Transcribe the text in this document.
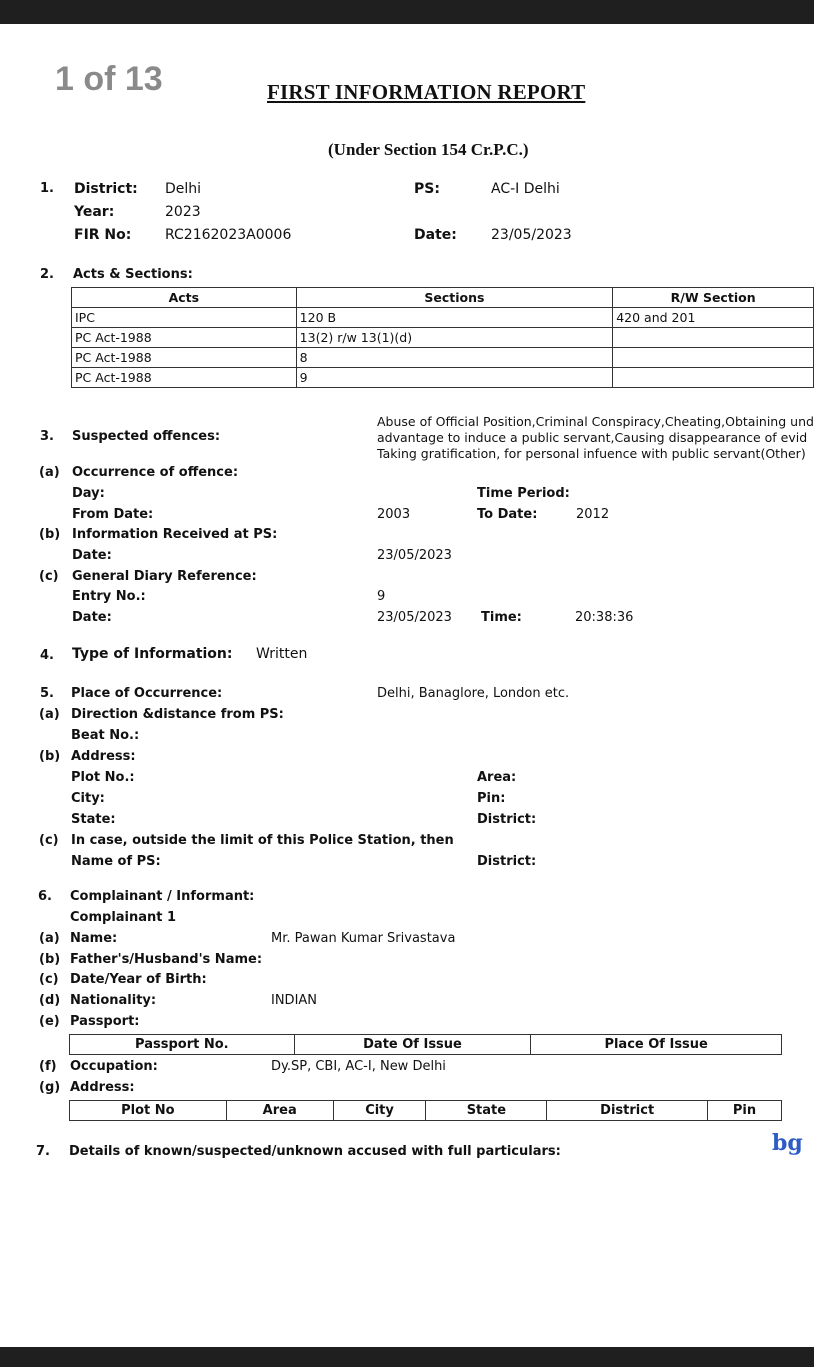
1 of 13	FIRST INFORMATION REPORT
(Under Section 154 Cr.P.C.)
1. District: Delhi	PS:	AC-I Delhi
Year:	2023
FIR No: RC2162023A0006	Date: 23/05/2023
2. Acts & Sections:
Acts	Sections	R/W Section
IPC	120 B	420 and 201
PC Act-1988	13(2) r/w 13(1)(d)	
PC Act-1988	8	
PC Act-1988	9	
Abuse of Official Position,Criminal Conspiracy,Cheating,Obtaining und
advantage to induce a public servant,Causing disappearance of evid
Taking gratification, for personal infuence with public servant(Other)
3. Suspected offences:
(a) Occurrence of offence:
Day:	Time Period:
From Date:	2003	To Date:	2012
(b) Information Received at PS:
Date:	23/05/2023
(c) General Diary Reference:
Entry No.:	9
Date:	23/05/2023 Time:	20:38:36
4. Type of Information: Written
5. Place of Occurrence:	Delhi, Banaglore, London etc.
(a) Direction &distance from PS:
Beat No.:
(b) Address:
Plot No.:	Area:
City:	Pin:
State:	District:
(c) In case, outside the limit of this Police Station, then
Name of PS:	District:
6. Complainant / Informant:
Complainant 1
(a) Name:	Mr. Pawan Kumar Srivastava
(b) Father's/Husband's Name:
(c) Date/Year of Birth:
(d) Nationality:	INDIAN
(e) Passport:
Passport No.	Date Of Issue	Place Of Issue
(f) Occupation:	Dy.SP, CBI, AC-I, New Delhi
(g) Address:
Plot No	Area	City	State	District	Pin
7. Details of known/suspected/unknown accused with full particulars:	bg
